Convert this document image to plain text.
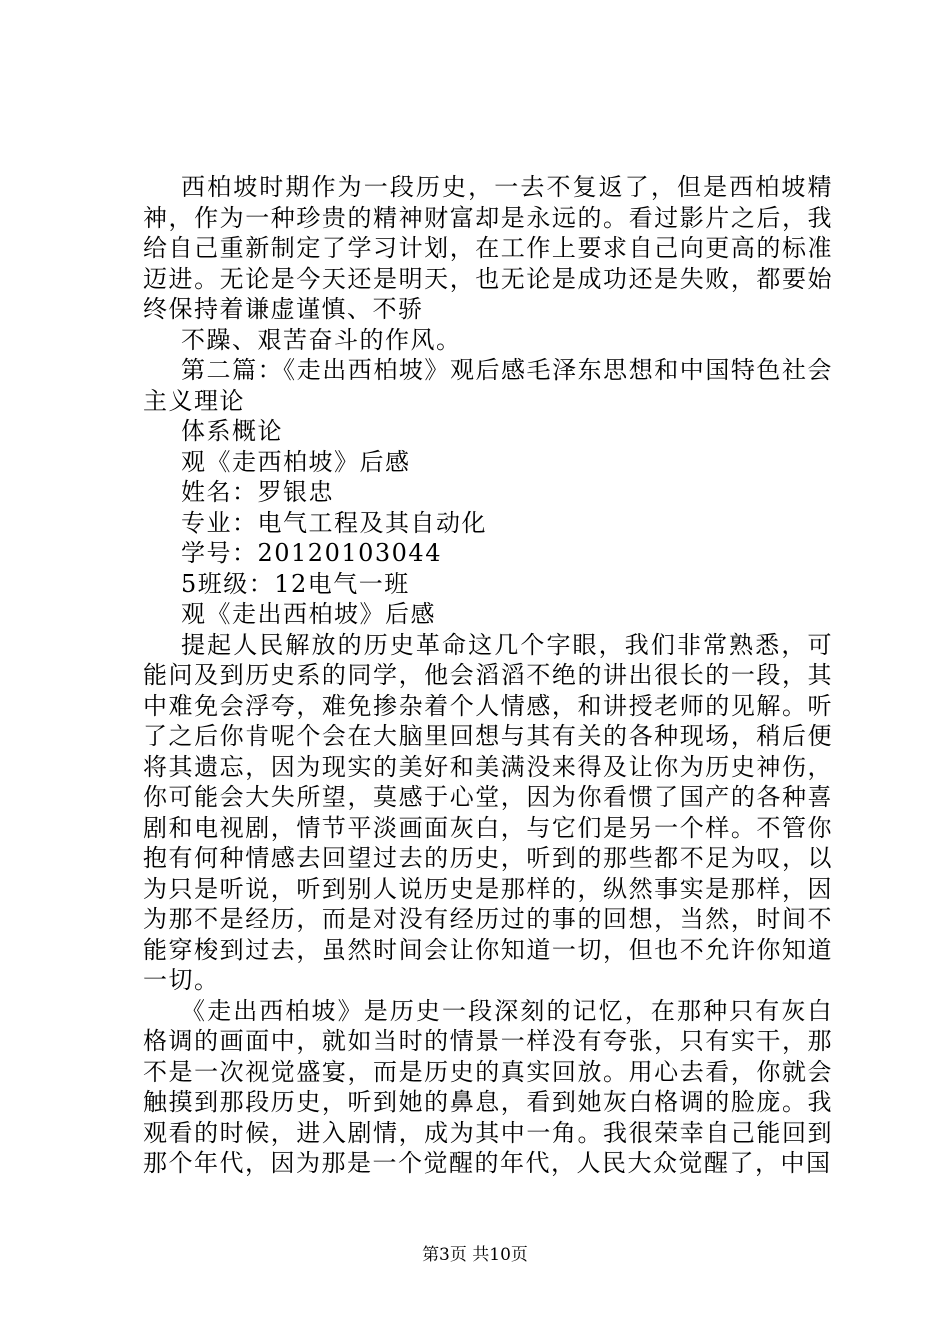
西柏坡时期作为一段历史，一去不复返了，但是西柏坡精神，作为一种珍贵的精神财富却是永远的。看过影片之后，我给自己重新制定了学习计划，在工作上要求自己向更高的标准迈进。无论是今天还是明天，也无论是成功还是失败，都要始终保持着谦虚谨慎、不骄

不躁、艰苦奋斗的作风。

第二篇：《走出西柏坡》观后感毛泽东思想和中国特色社会主义理论

体系概论

观《走西柏坡》后感

姓名：罗银忠

专业：电气工程及其自动化

学号：20120103044

5班级：12电气一班

观《走出西柏坡》后感

提起人民解放的历史革命这几个字眼，我们非常熟悉，可能问及到历史系的同学，他会滔滔不绝的讲出很长的一段，其中难免会浮夸，难免掺杂着个人情感，和讲授老师的见解。听了之后你肯呢个会在大脑里回想与其有关的各种现场，稍后便将其遗忘，因为现实的美好和美满没来得及让你为历史神伤，你可能会大失所望，莫感于心堂，因为你看惯了国产的各种喜剧和电视剧，情节平淡画面灰白，与它们是另一个样。不管你抱有何种情感去回望过去的历史，听到的那些都不足为叹，以为只是听说，听到别人说历史是那样的，纵然事实是那样，因为那不是经历，而是对没有经历过的事的回想，当然，时间不能穿梭到过去，虽然时间会让你知道一切，但也不允许你知道一切。

《走出西柏坡》是历史一段深刻的记忆，在那种只有灰白格调的画面中，就如当时的情景一样没有夸张，只有实干，那不是一次视觉盛宴，而是历史的真实回放。用心去看，你就会触摸到那段历史，听到她的鼻息，看到她灰白格调的脸庞。我观看的时候，进入剧情，成为其中一角。我很荣幸自己能回到那个年代，因为那是一个觉醒的年代，人民大众觉醒了，中国

第3页 共10页
